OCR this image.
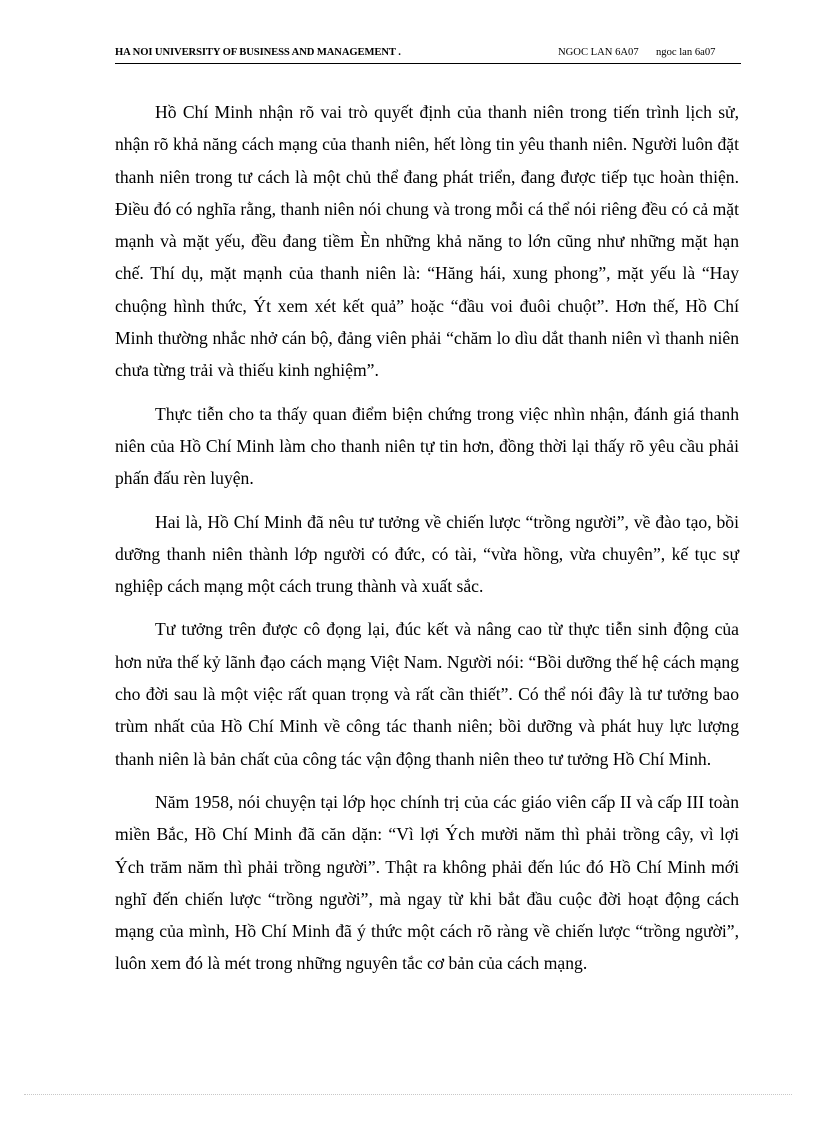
HA NOI UNIVERSITY OF BUSINESS AND MANAGEMENT .	NGOC LAN 6A07 ngoc lan 6a07

Hồ Chí Minh nhận rõ vai trò quyết định của thanh niên trong tiến trình lịch sử, nhận rõ khả năng cách mạng của thanh niên, hết lòng tin yêu thanh niên. Người luôn đặt thanh niên trong tư cách là một chủ thể đang phát triển, đang được tiếp tục hoàn thiện. Điều đó có nghĩa rằng, thanh niên nói chung và trong mỗi cá thể nói riêng đều có cả mặt mạnh và mặt yếu, đều đang tiềm Èn những khả năng to lớn cũng như những mặt hạn chế. Thí dụ, mặt mạnh của thanh niên là: “Hăng hái, xung phong”, mặt yếu là “Hay chuộng hình thức, Ýt xem xét kết quả” hoặc “đầu voi đuôi chuột”. Hơn thế, Hồ Chí Minh thường nhắc nhở cán bộ, đảng viên phải “chăm lo dìu dắt thanh niên vì thanh niên chưa từng trải và thiếu kinh nghiệm”.

Thực tiễn cho ta thấy quan điểm biện chứng trong việc nhìn nhận, đánh giá thanh niên của Hồ Chí Minh làm cho thanh niên tự tin hơn, đồng thời lại thấy rõ yêu cầu phải phấn đấu rèn luyện.

Hai là, Hồ Chí Minh đã nêu tư tưởng về chiến lược “trồng người”, về đào tạo, bồi dưỡng thanh niên thành lớp người có đức, có tài, “vừa hồng, vừa chuyên”, kế tục sự nghiệp cách mạng một cách trung thành và xuất sắc.

Tư tưởng trên được cô đọng lại, đúc kết và nâng cao từ thực tiễn sinh động của hơn nửa thế kỷ lãnh đạo cách mạng Việt Nam. Người nói: “Bồi dưỡng thế hệ cách mạng cho đời sau là một việc rất quan trọng và rất cần thiết”. Có thể nói đây là tư tưởng bao trùm nhất của Hồ Chí Minh về công tác thanh niên; bồi dưỡng và phát huy lực lượng thanh niên là bản chất của công tác vận động thanh niên theo tư tưởng Hồ Chí Minh.

Năm 1958, nói chuyện tại lớp học chính trị của các giáo viên cấp II và cấp III toàn miền Bắc, Hồ Chí Minh đã căn dặn: “Vì lợi Ých mười năm thì phải trồng cây, vì lợi Ých trăm năm thì phải trồng người”. Thật ra không phải đến lúc đó Hồ Chí Minh mới nghĩ đến chiến lược “trồng người”, mà ngay từ khi bắt đầu cuộc đời hoạt động cách mạng của mình, Hồ Chí Minh đã ý thức một cách rõ ràng về chiến lược “trồng người”, luôn xem đó là mét trong những nguyên tắc cơ bản của cách mạng.
